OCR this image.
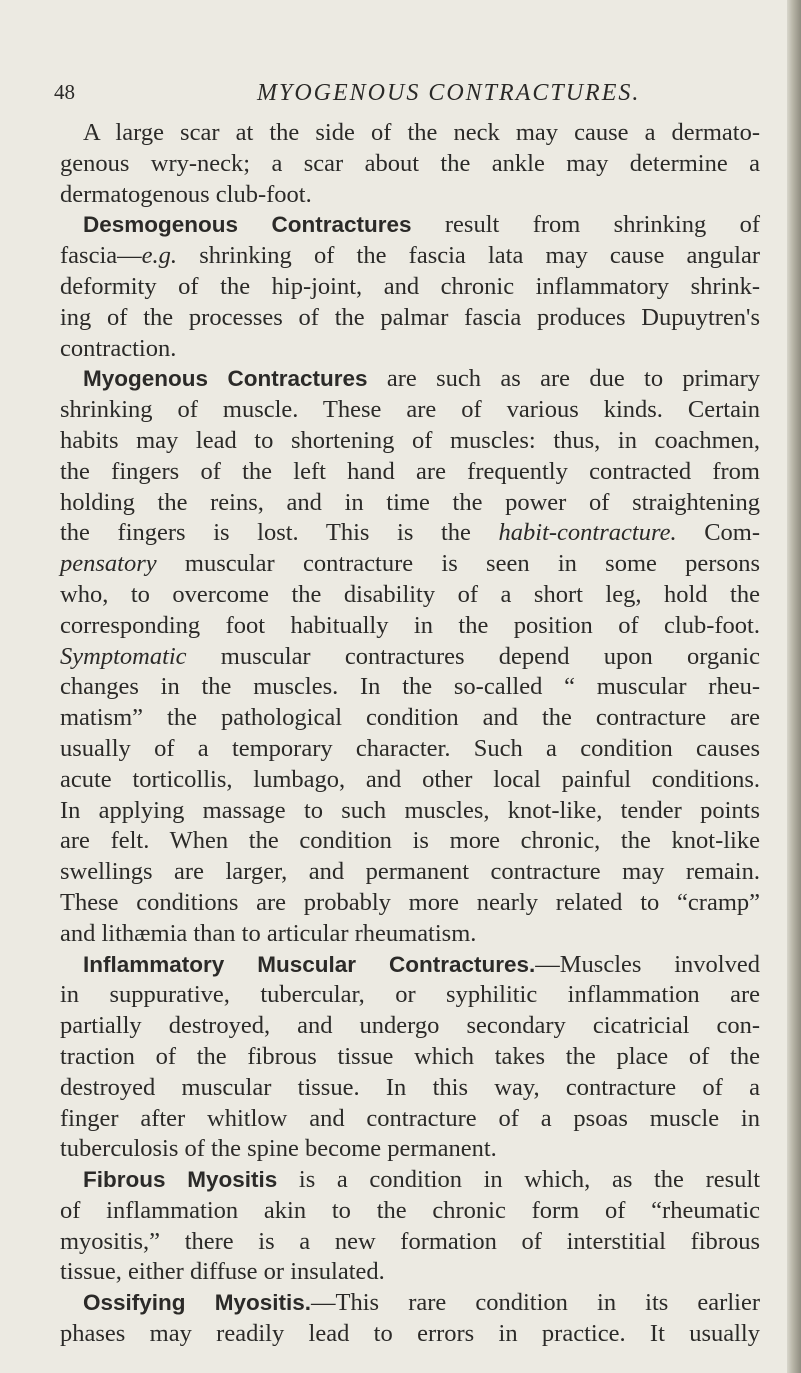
48	MYOGENOUS CONTRACTURES.

A large scar at the side of the neck may cause a dermato-
genous wry-neck; a scar about the ankle may determine a
dermatogenous club-foot.

Desmogenous Contractures result from shrinking of
fascia—e.g. shrinking of the fascia lata may cause angular
deformity of the hip-joint, and chronic inflammatory shrink-
ing of the processes of the palmar fascia produces Dupuytren's
contraction.

Myogenous Contractures are such as are due to primary
shrinking of muscle. These are of various kinds. Certain
habits may lead to shortening of muscles: thus, in coachmen,
the fingers of the left hand are frequently contracted from
holding the reins, and in time the power of straightening
the fingers is lost. This is the habit-contracture. Com-
pensatory muscular contracture is seen in some persons
who, to overcome the disability of a short leg, hold the
corresponding foot habitually in the position of club-foot.
Symptomatic muscular contractures depend upon organic
changes in the muscles. In the so-called “ muscular rheu-
matism” the pathological condition and the contracture are
usually of a temporary character. Such a condition causes
acute torticollis, lumbago, and other local painful conditions.
In applying massage to such muscles, knot-like, tender points
are felt. When the condition is more chronic, the knot-like
swellings are larger, and permanent contracture may remain.
These conditions are probably more nearly related to “cramp”
and lithæmia than to articular rheumatism.

Inflammatory Muscular Contractures.—Muscles involved
in suppurative, tubercular, or syphilitic inflammation are
partially destroyed, and undergo secondary cicatricial con-
traction of the fibrous tissue which takes the place of the
destroyed muscular tissue. In this way, contracture of a
finger after whitlow and contracture of a psoas muscle in
tuberculosis of the spine become permanent.

Fibrous Myositis is a condition in which, as the result
of inflammation akin to the chronic form of “rheumatic
myositis,” there is a new formation of interstitial fibrous
tissue, either diffuse or insulated.

Ossifying Myositis.—This rare condition in its earlier
phases may readily lead to errors in practice. It usually
